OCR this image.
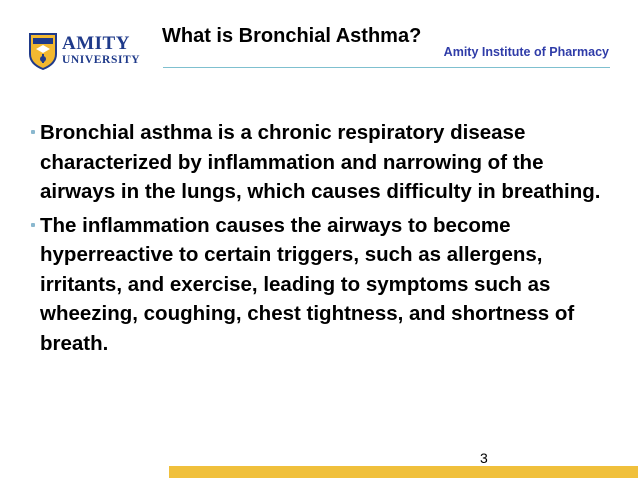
AMITY
UNIVERSITY
What is Bronchial Asthma?
Amity Institute of Pharmacy

Bronchial asthma is a chronic respiratory disease characterized by inflammation and narrowing of the airways in the lungs, which causes difficulty in breathing.

The inflammation causes the airways to become hyperreactive to certain triggers, such as allergens, irritants, and exercise, leading to symptoms such as wheezing, coughing, chest tightness, and shortness of breath.

3
